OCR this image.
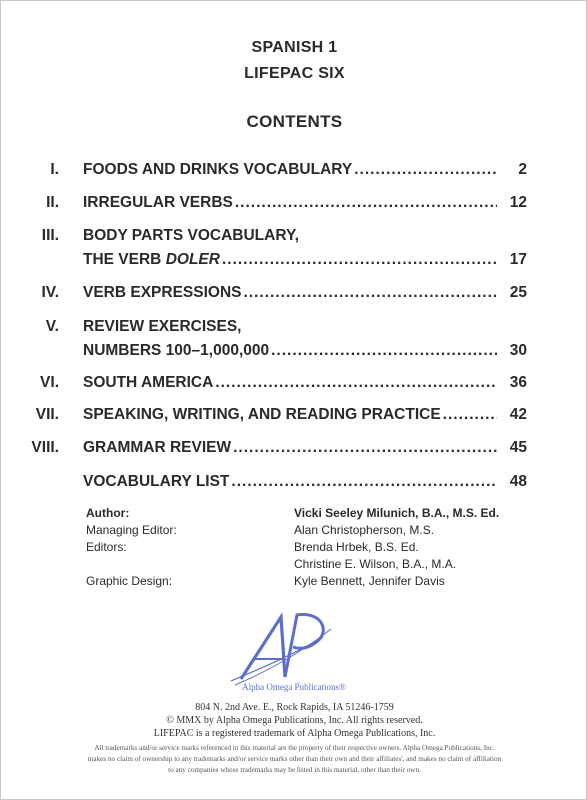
SPANISH 1
LIFEPAC SIX
CONTENTS
I. FOODS AND DRINKS VOCABULARY .....	2
II. IRREGULAR VERBS .....	12
III. BODY PARTS VOCABULARY,
THE VERB DOLER .....	17
IV. VERB EXPRESSIONS .....	25
V. REVIEW EXERCISES,
NUMBERS 100–1,000,000 .....	30
VI. SOUTH AMERICA .....	36
VII. SPEAKING, WRITING, AND READING PRACTICE .....	42
VIII. GRAMMAR REVIEW .....	45
VOCABULARY LIST .....	48
Author:	Vicki Seeley Milunich, B.A., M.S. Ed.
Managing Editor:	Alan Christopherson, M.S.
Editors:	Brenda Hrbek, B.S. Ed.
Christine E. Wilson, B.A., M.A.
Graphic Design:	Kyle Bennett, Jennifer Davis
Alpha Omega Publications®
804 N. 2nd Ave. E., Rock Rapids, IA 51246-1759
© MMX by Alpha Omega Publications, Inc. All rights reserved.
LIFEPAC is a registered trademark of Alpha Omega Publications, Inc.
All trademarks and/or service marks referenced in this material are the property of their respective owners. Alpha Omega Publications, Inc.
makes no claim of ownership to any trademarks and/or service marks other than their own and their affiliates', and makes no claim of affiliation
to any companies whose trademarks may be listed in this material, other than their own.
